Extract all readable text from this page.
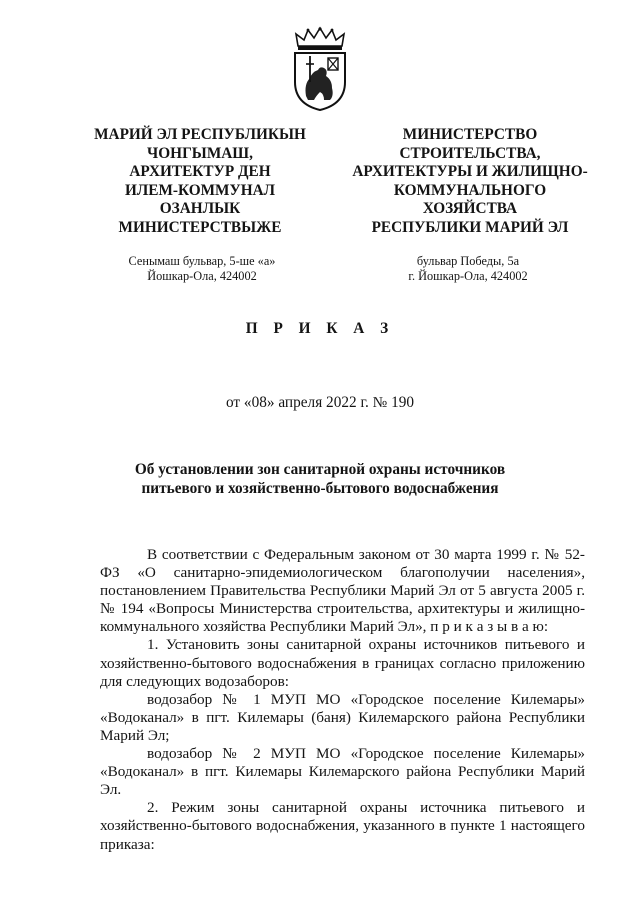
МАРИЙ ЭЛ РЕСПУБЛИКЫН
ЧОНГЫМАШ,
АРХИТЕКТУР ДЕН
ИЛЕМ-КОММУНАЛ
ОЗАНЛЫК
МИНИСТЕРСТВЫЖЕ
МИНИСТЕРСТВО
СТРОИТЕЛЬСТВА,
АРХИТЕКТУРЫ И ЖИЛИЩНО-
КОММУНАЛЬНОГО
ХОЗЯЙСТВА
РЕСПУБЛИКИ МАРИЙ ЭЛ
Сенымаш бульвар, 5-ше «а»
Йошкар-Ола, 424002
бульвар Победы, 5а
г. Йошкар-Ола, 424002
П Р И К А З
от «08» апреля 2022 г. № 190
Об установлении зон санитарной охраны источников
питьевого и хозяйственно-бытового водоснабжения

В соответствии с Федеральным законом от 30 марта 1999 г. № 52-ФЗ «О санитарно-эпидемиологическом благополучии населения», постановлением Правительства Республики Марий Эл от 5 августа 2005 г. № 194 «Вопросы Министерства строительства, архитектуры и жилищно-коммунального хозяйства Республики Марий Эл», п р и к а з ы в а ю:

1. Установить зоны санитарной охраны источников питьевого и хозяйственно-бытового водоснабжения в границах согласно приложению для следующих водозаборов:

водозабор № 1 МУП МО «Городское поселение Килемары» «Водоканал» в пгт. Килемары (баня) Килемарского района Республики Марий Эл;

водозабор № 2 МУП МО «Городское поселение Килемары» «Водоканал» в пгт. Килемары Килемарского района Республики Марий Эл.

2. Режим зоны санитарной охраны источника питьевого и хозяйственно-бытового водоснабжения, указанного в пункте 1 настоящего приказа:
